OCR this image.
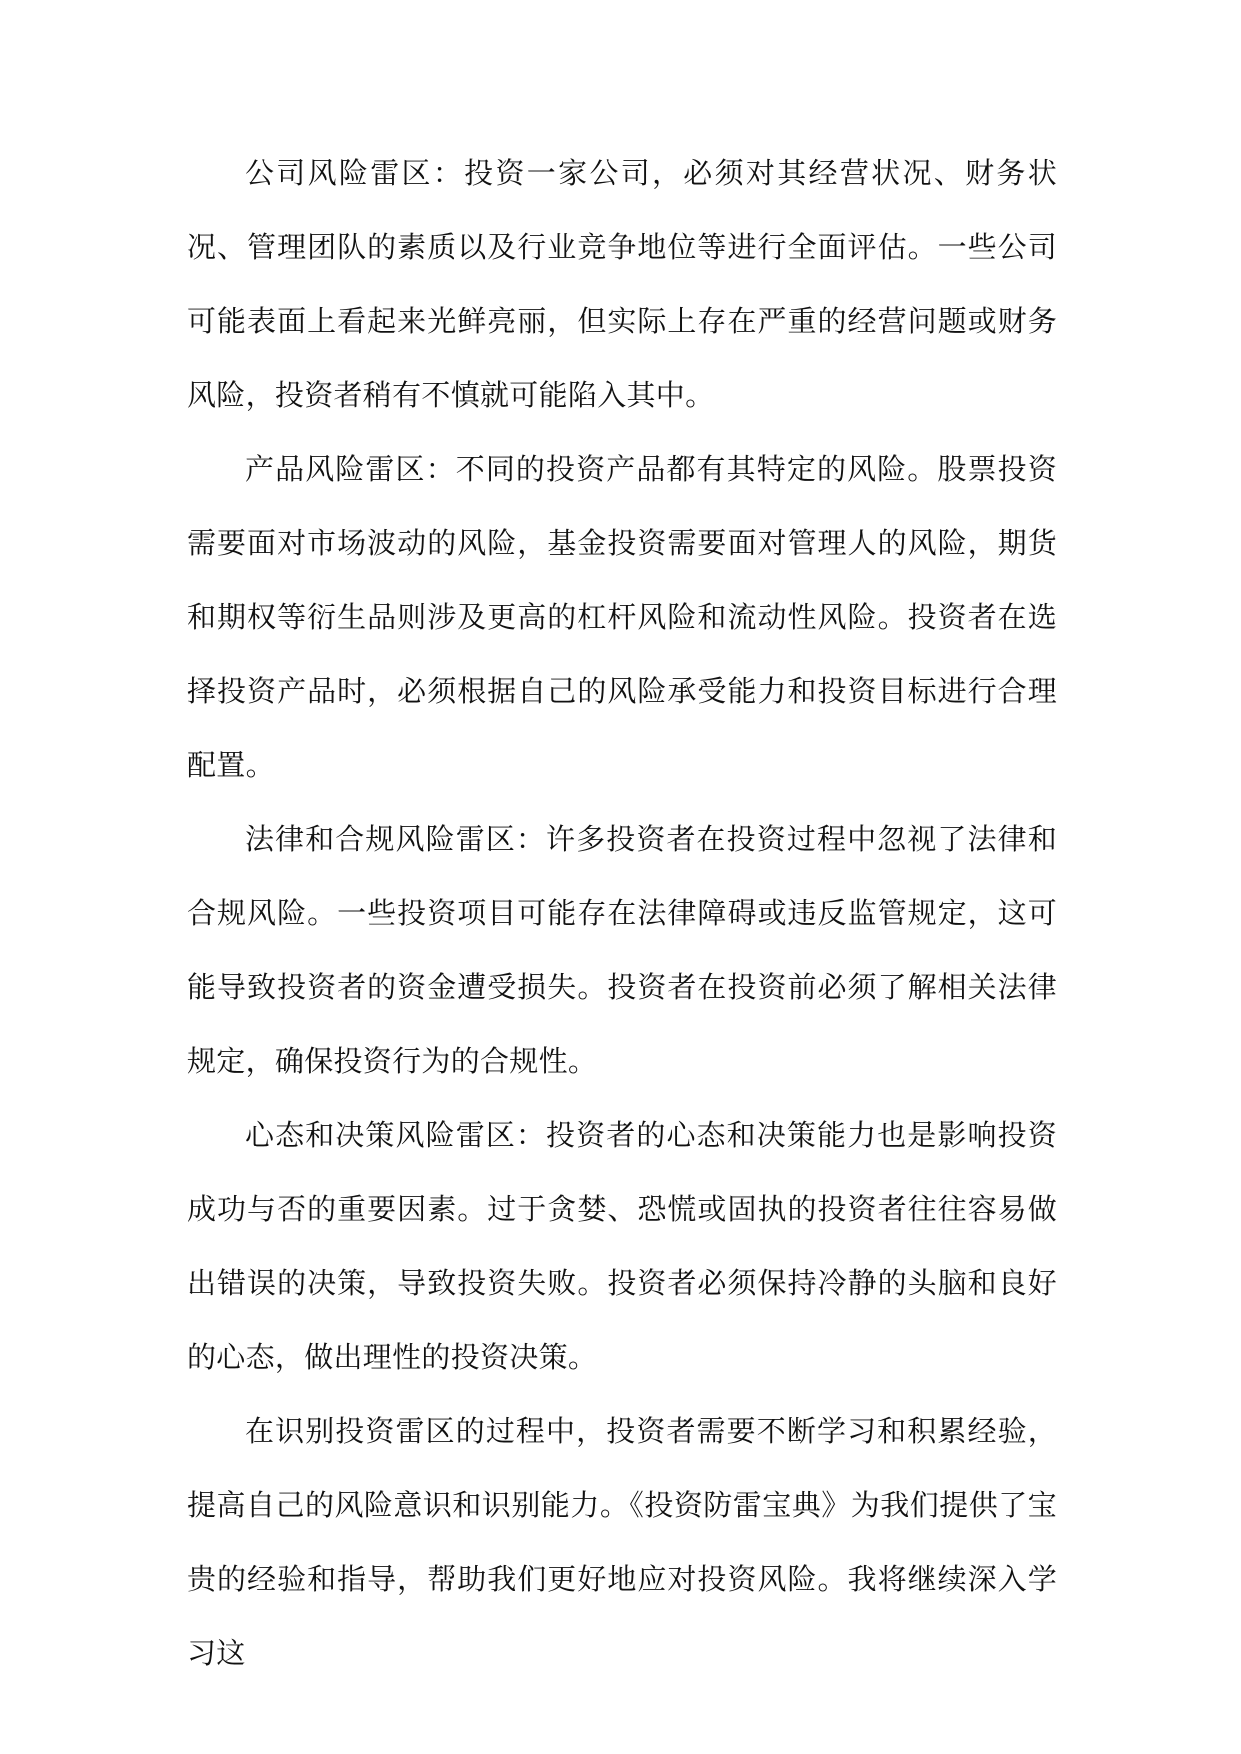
公司风险雷区：投资一家公司，必须对其经营状况、财务状况、管理团队的素质以及行业竞争地位等进行全面评估。一些公司可能表面上看起来光鲜亮丽，但实际上存在严重的经营问题或财务风险，投资者稍有不慎就可能陷入其中。

产品风险雷区：不同的投资产品都有其特定的风险。股票投资需要面对市场波动的风险，基金投资需要面对管理人的风险，期货和期权等衍生品则涉及更高的杠杆风险和流动性风险。投资者在选择投资产品时，必须根据自己的风险承受能力和投资目标进行合理配置。

法律和合规风险雷区：许多投资者在投资过程中忽视了法律和合规风险。一些投资项目可能存在法律障碍或违反监管规定，这可能导致投资者的资金遭受损失。投资者在投资前必须了解相关法律规定，确保投资行为的合规性。

心态和决策风险雷区：投资者的心态和决策能力也是影响投资成功与否的重要因素。过于贪婪、恐慌或固执的投资者往往容易做出错误的决策，导致投资失败。投资者必须保持冷静的头脑和良好的心态，做出理性的投资决策。

在识别投资雷区的过程中，投资者需要不断学习和积累经验，提高自己的风险意识和识别能力。《投资防雷宝典》为我们提供了宝贵的经验和指导，帮助我们更好地应对投资风险。我将继续深入学习这
